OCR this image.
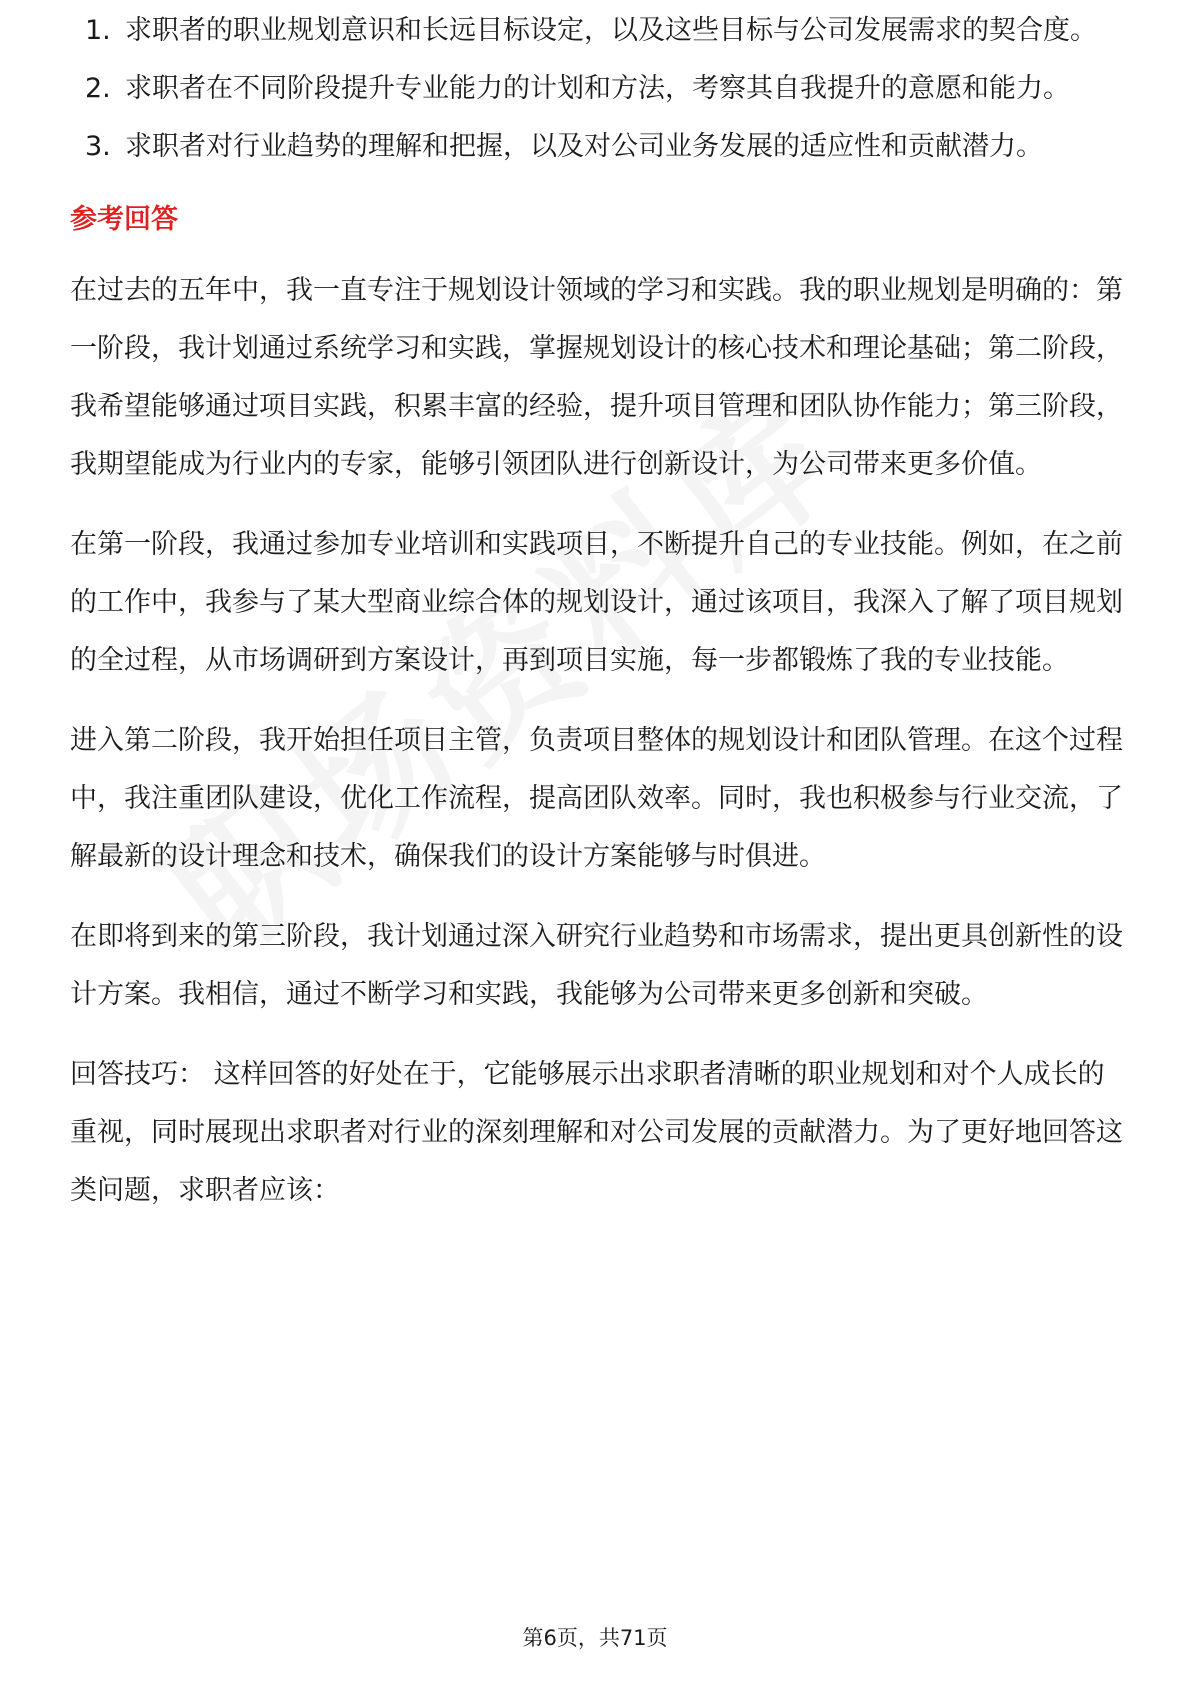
1. 求职者的职业规划意识和长远目标设定，以及这些目标与公司发展需求的契合度。
2. 求职者在不同阶段提升专业能力的计划和方法，考察其自我提升的意愿和能力。
3. 求职者对行业趋势的理解和把握，以及对公司业务发展的适应性和贡献潜力。
参考回答

在过去的五年中，我一直专注于规划设计领域的学习和实践。我的职业规划是明确的：第一阶段，我计划通过系统学习和实践，掌握规划设计的核心技术和理论基础；第二阶段，我希望能够通过项目实践，积累丰富的经验，提升项目管理和团队协作能力；第三阶段，我期望能成为行业内的专家，能够引领团队进行创新设计，为公司带来更多价值。

在第一阶段，我通过参加专业培训和实践项目，不断提升自己的专业技能。例如，在之前的工作中，我参与了某大型商业综合体的规划设计，通过该项目，我深入了解了项目规划的全过程，从市场调研到方案设计，再到项目实施，每一步都锻炼了我的专业技能。

进入第二阶段，我开始担任项目主管，负责项目整体的规划设计和团队管理。在这个过程中，我注重团队建设，优化工作流程，提高团队效率。同时，我也积极参与行业交流，了解最新的设计理念和技术，确保我们的设计方案能够与时俱进。

在即将到来的第三阶段，我计划通过深入研究行业趋势和市场需求，提出更具创新性的设计方案。我相信，通过不断学习和实践，我能够为公司带来更多创新和突破。

回答技巧： 这样回答的好处在于，它能够展示出求职者清晰的职业规划和对个人成长的重视，同时展现出求职者对行业的深刻理解和对公司发展的贡献潜力。为了更好地回答这类问题，求职者应该：

第6页，共71页
